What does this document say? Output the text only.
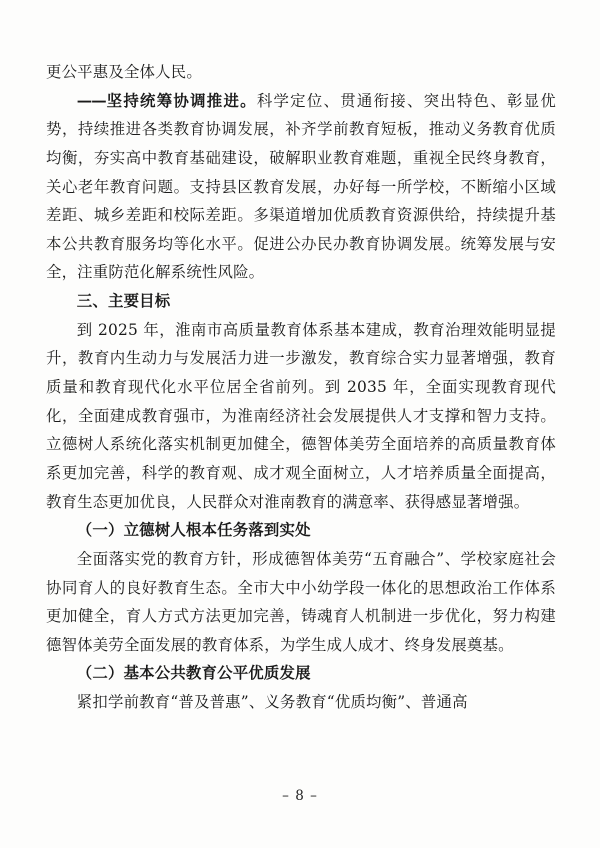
更公平惠及全体人民。

——坚持统筹协调推进。科学定位、贯通衔接、突出特色、彰显优势，持续推进各类教育协调发展，补齐学前教育短板，推动义务教育优质均衡，夯实高中教育基础建设，破解职业教育难题，重视全民终身教育，关心老年教育问题。支持县区教育发展，办好每一所学校，不断缩小区域差距、城乡差距和校际差距。多渠道增加优质教育资源供给，持续提升基本公共教育服务均等化水平。促进公办民办教育协调发展。统筹发展与安全，注重防范化解系统性风险。

三、主要目标

到 2025 年，淮南市高质量教育体系基本建成，教育治理效能明显提升，教育内生动力与发展活力进一步激发，教育综合实力显著增强，教育质量和教育现代化水平位居全省前列。到 2035 年，全面实现教育现代化，全面建成教育强市，为淮南经济社会发展提供人才支撑和智力支持。立德树人系统化落实机制更加健全，德智体美劳全面培养的高质量教育体系更加完善，科学的教育观、成才观全面树立，人才培养质量全面提高，教育生态更加优良，人民群众对淮南教育的满意率、获得感显著增强。

（一）立德树人根本任务落到实处

全面落实党的教育方针，形成德智体美劳“五育融合”、学校家庭社会协同育人的良好教育生态。全市大中小幼学段一体化的思想政治工作体系更加健全，育人方式方法更加完善，铸魂育人机制进一步优化，努力构建德智体美劳全面发展的教育体系，为学生成人成才、终身发展奠基。

（二）基本公共教育公平优质发展

紧扣学前教育“普及普惠”、义务教育“优质均衡”、普通高

– 8 –
